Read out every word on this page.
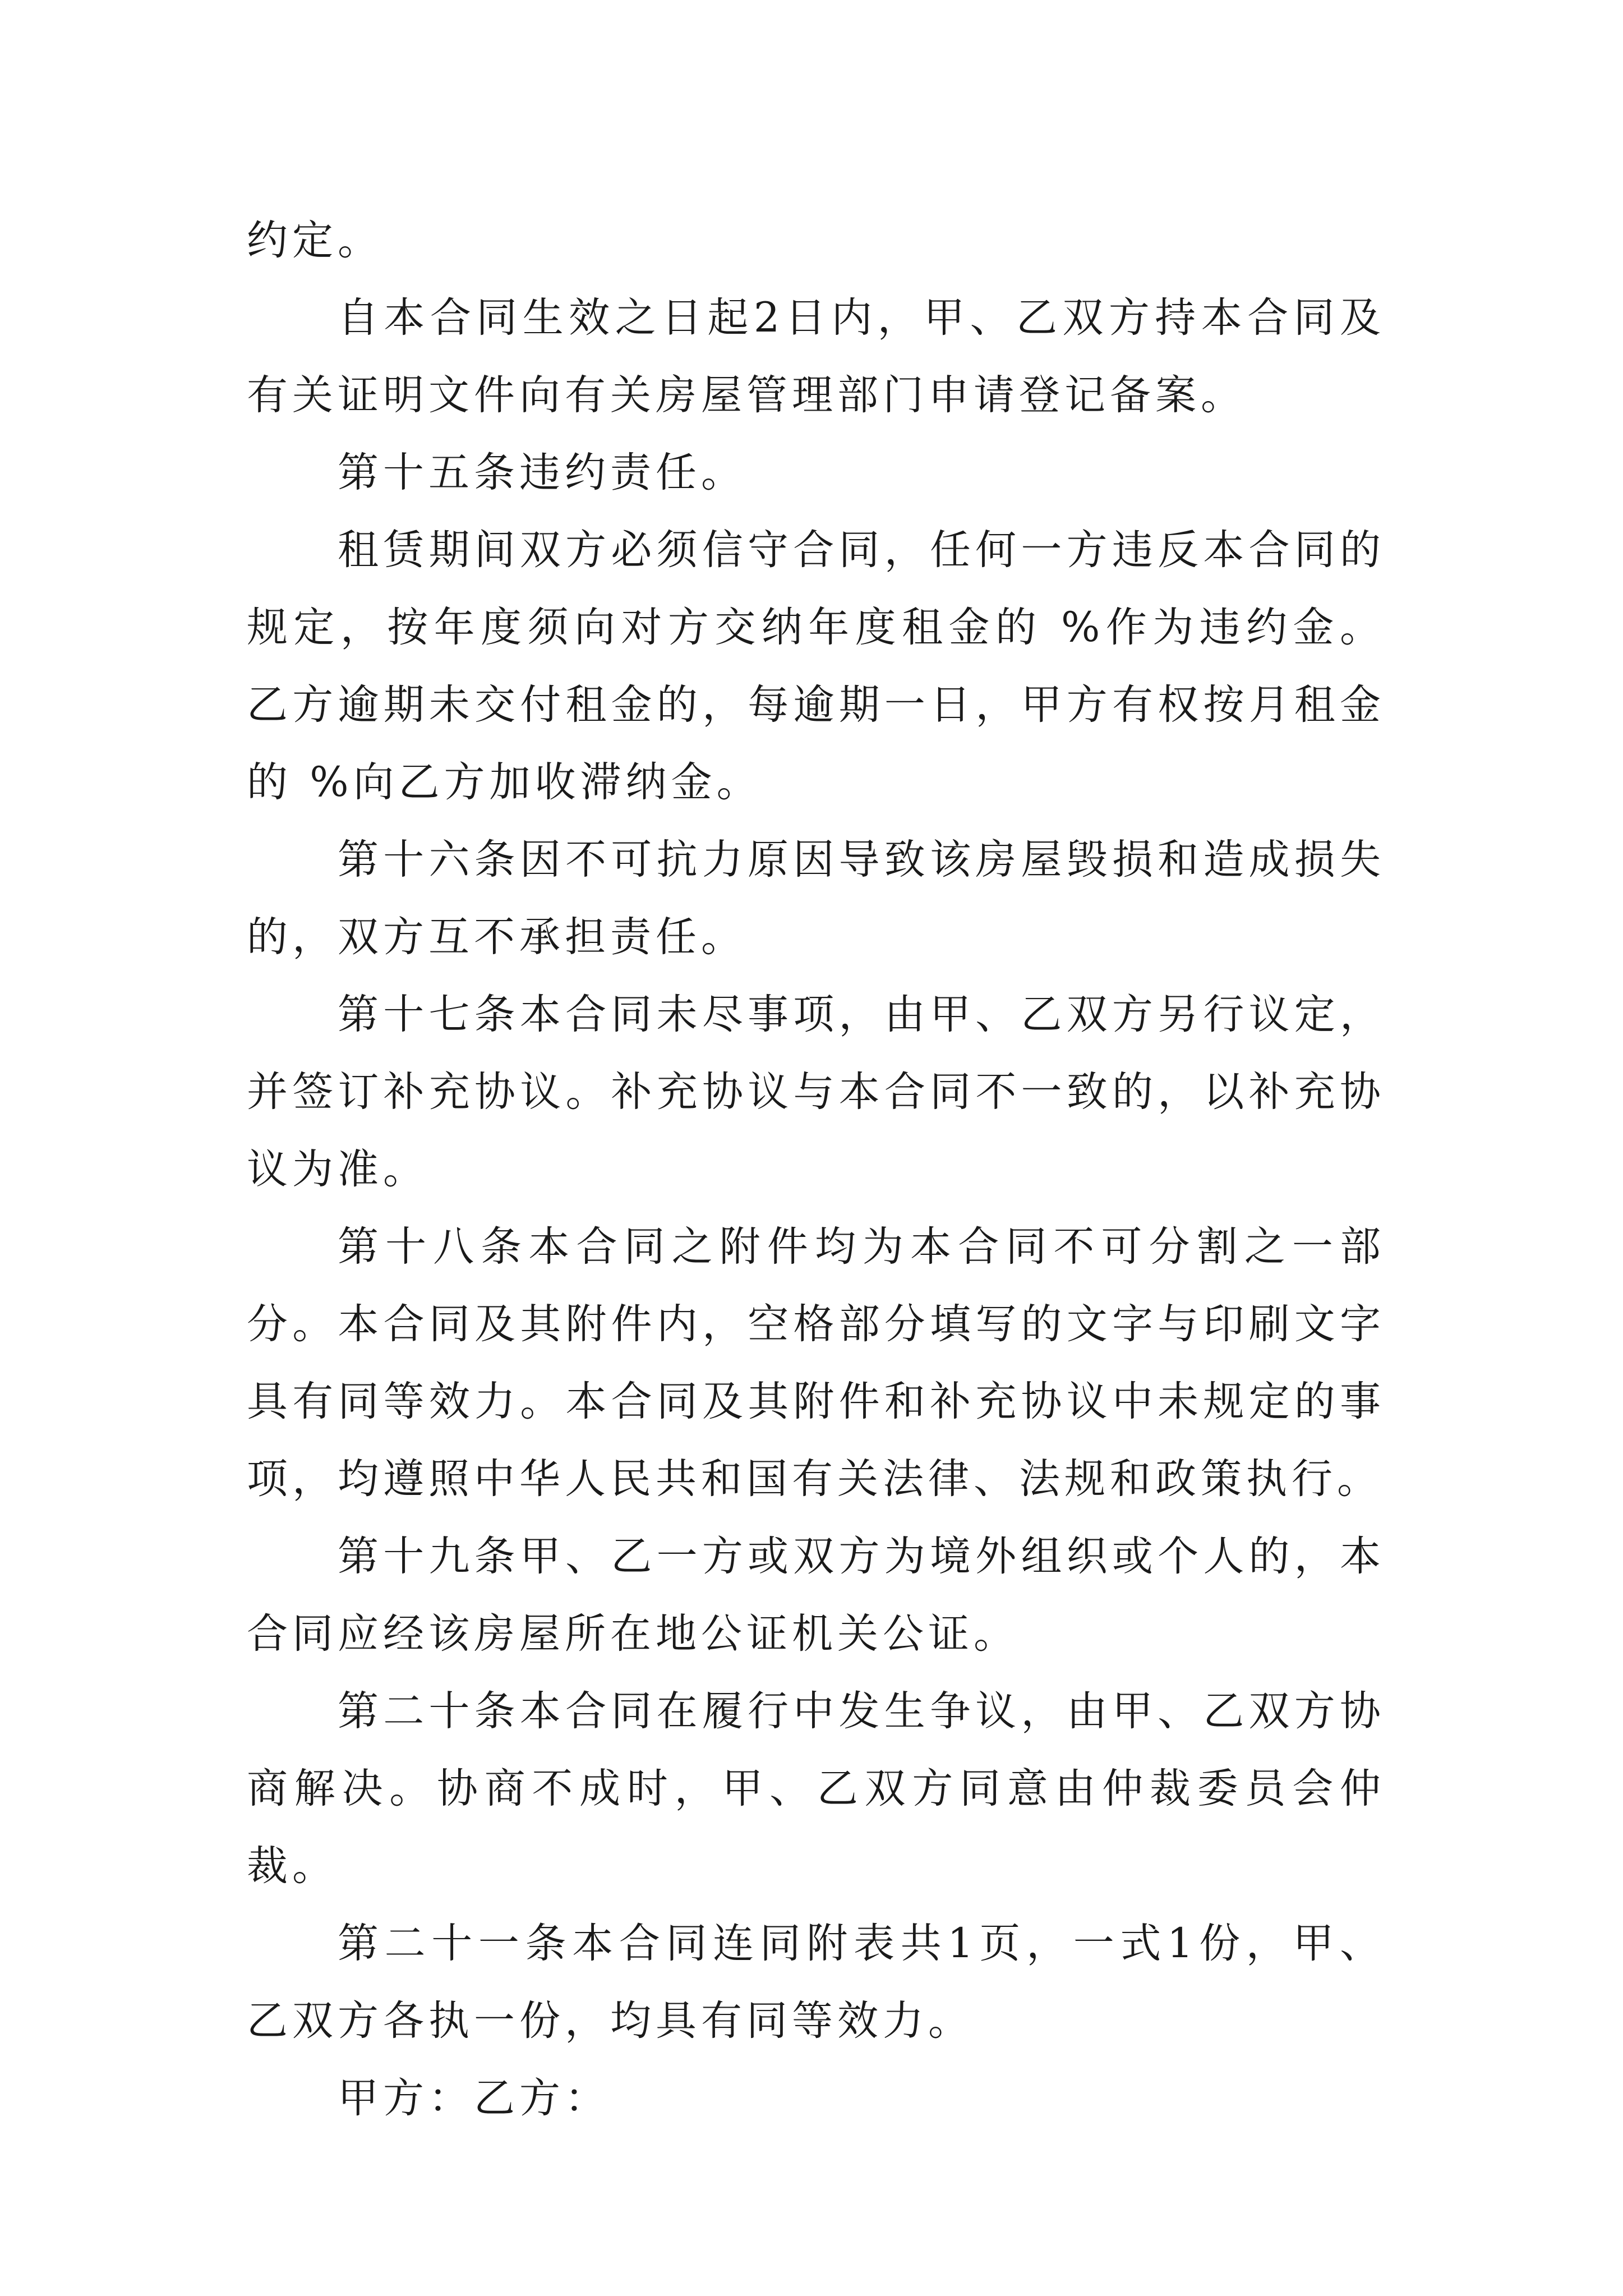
约定。

自本合同生效之日起2日内，甲、乙双方持本合同及有关证明文件向有关房屋管理部门申请登记备案。

第十五条违约责任。

租赁期间双方必须信守合同，任何一方违反本合同的规定，按年度须向对方交纳年度租金的 %作为违约金。乙方逾期未交付租金的，每逾期一日，甲方有权按月租金的 %向乙方加收滞纳金。

第十六条因不可抗力原因导致该房屋毁损和造成损失的，双方互不承担责任。

第十七条本合同未尽事项，由甲、乙双方另行议定，并签订补充协议。补充协议与本合同不一致的，以补充协议为准。

第十八条本合同之附件均为本合同不可分割之一部分。本合同及其附件内，空格部分填写的文字与印刷文字具有同等效力。本合同及其附件和补充协议中未规定的事项，均遵照中华人民共和国有关法律、法规和政策执行。

第十九条甲、乙一方或双方为境外组织或个人的，本合同应经该房屋所在地公证机关公证。

第二十条本合同在履行中发生争议，由甲、乙双方协商解决。协商不成时，甲、乙双方同意由仲裁委员会仲裁。

第二十一条本合同连同附表共1页，一式1份，甲、乙双方各执一份，均具有同等效力。

甲方：乙方：
